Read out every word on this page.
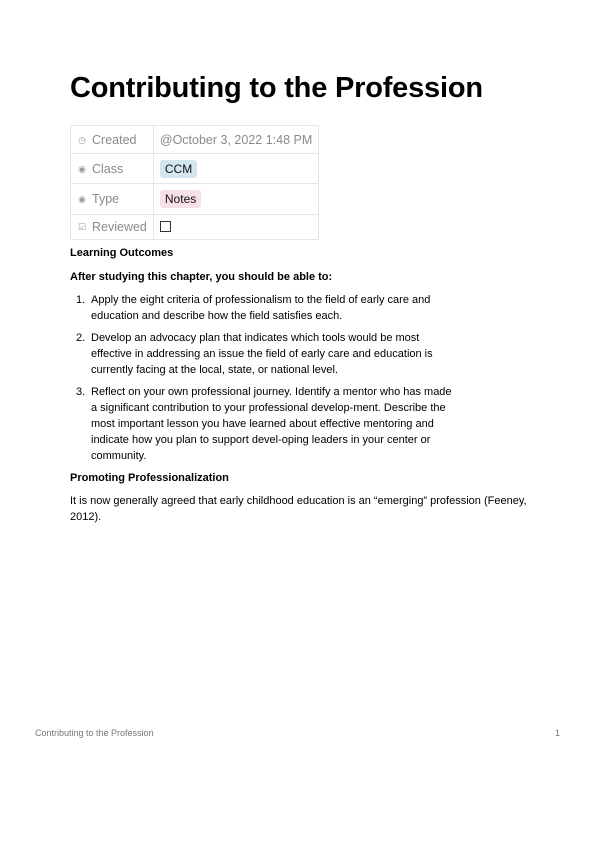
Contributing to the Profession
◷ Created	@October 3, 2022 1:48 PM
◉ Class	CCM
◉ Type	Notes
☑ Reviewed	

Learning Outcomes

After studying this chapter, you should be able to:

1. Apply the eight criteria of professionalism to the field of early care and education and describe how the field satisfies each.
2. Develop an advocacy plan that indicates which tools would be most effective in addressing an issue the field of early care and education is currently facing at the local, state, or national level.
3. Reflect on your own professional journey. Identify a mentor who has made a significant contribution to your professional develop-ment. Describe the most important lesson you have learned about effective mentoring and indicate how you plan to support devel-oping leaders in your center or community.

Promoting Professionalization

It is now generally agreed that early childhood education is an “emerging” profession (Feeney, 2012).

Contributing to the Profession	1
